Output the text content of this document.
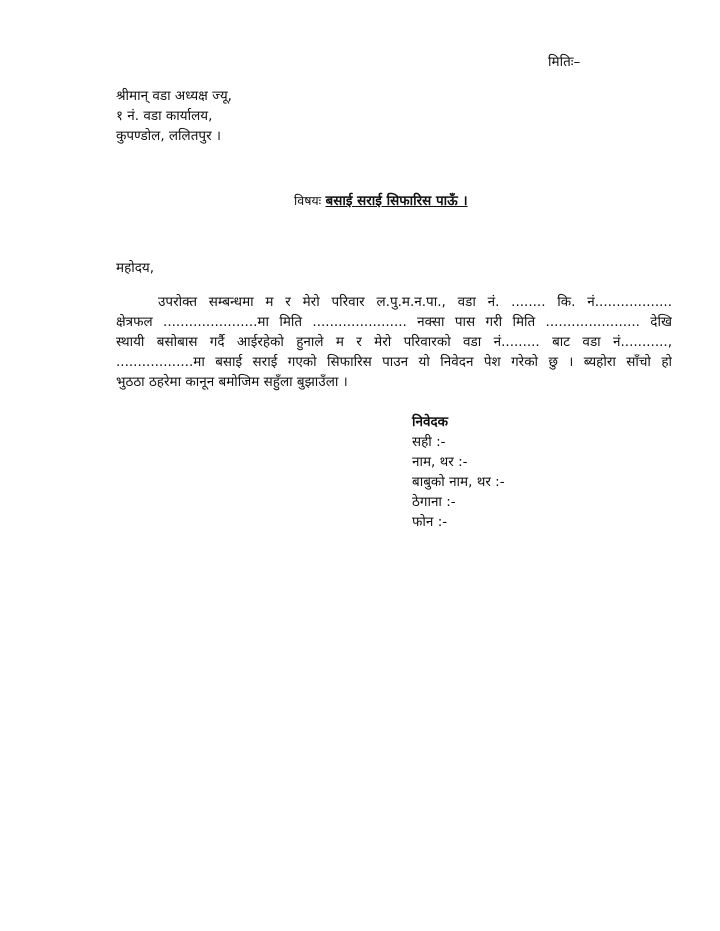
मितिः–
श्रीमान् वडा अध्यक्ष ज्यू,
१ नं. वडा कार्यालय,
कुपण्डोल, ललितपुर ।
विषयः बसाई सराई सिफारिस पाऊँ ।
महोदय,
उपरोक्त सम्बन्धमा म र मेरो परिवार ल.पु.म.न.पा., वडा नं. ........ कि. नं..................
क्षेत्रफल ......................मा मिति ...................... नक्सा पास गरी मिति ...................... देखि
स्थायी बसोबास गर्दै आईरहेको हुनाले म र मेरो परिवारको वडा नं......... बाट वडा नं...........,
..................मा बसाई सराई गएको सिफारिस पाउन यो निवेदन पेश गरेको छु । ब्यहोरा साँचो हो
भुठठा ठहरेमा कानून बमोजिम सहुँला बुझाउँला ।
निवेदक
सही :-
नाम, थर :-
बाबुको नाम, थर :-
ठेगाना :-
फोन :-
